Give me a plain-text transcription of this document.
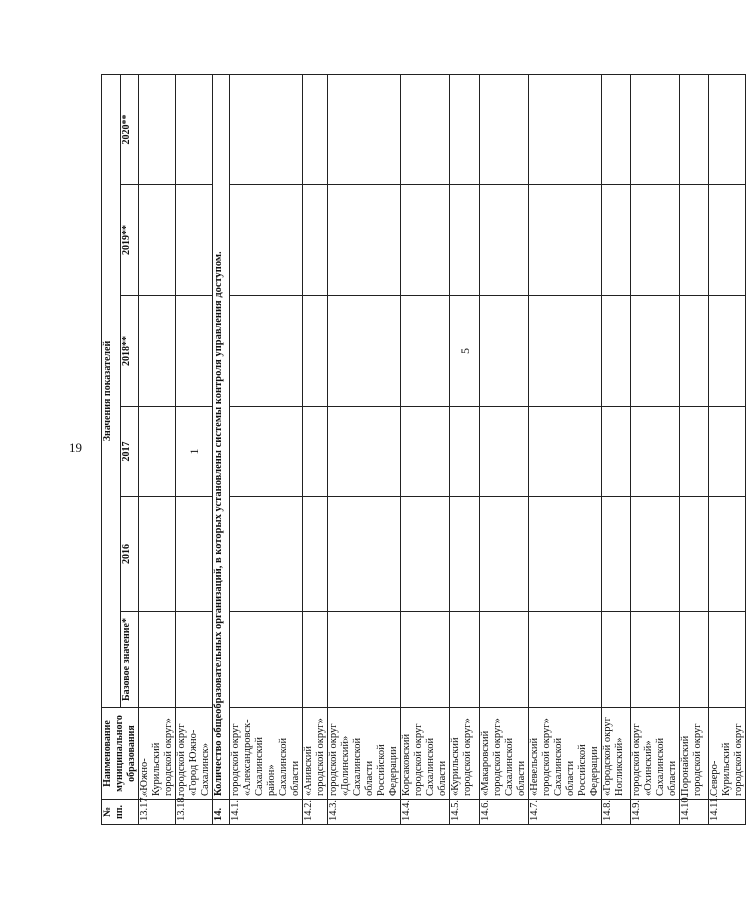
19
№ пп.	Наименование муниципального образования	Значения показателей					
		Базовое значение*	2016	2017	2018**	2019**	2020**
13.17.	«Южно-Курильский городской округ»						
13.18.	городской округ «Город Южно-Сахалинск»			1			
14.	Количество общеобразовательных организаций, в которых установлены системы контроля управления доступом.						
14.1.	городской округ «Александровск-Сахалинский район» Сахалинской области						
14.2.	«Анивский городской округ»						
14.3.	городской округ «Долинский» Сахалинской области Российской Федерации						
14.4.	Корсаковский городской округ Сахалинской области						
14.5.	«Курильский городской округ»				5		
14.6.	«Макаровский городской округ» Сахалинской области						
14.7.	«Невельский городской округ» Сахалинской области Российской Федерации						
14.8.	«Городской округ Ногликский»						
14.9.	городской округ «Охинский» Сахалинской области						
14.10.	Поронайский городской округ						
14.11.	Северо-Курильский городской округ						
